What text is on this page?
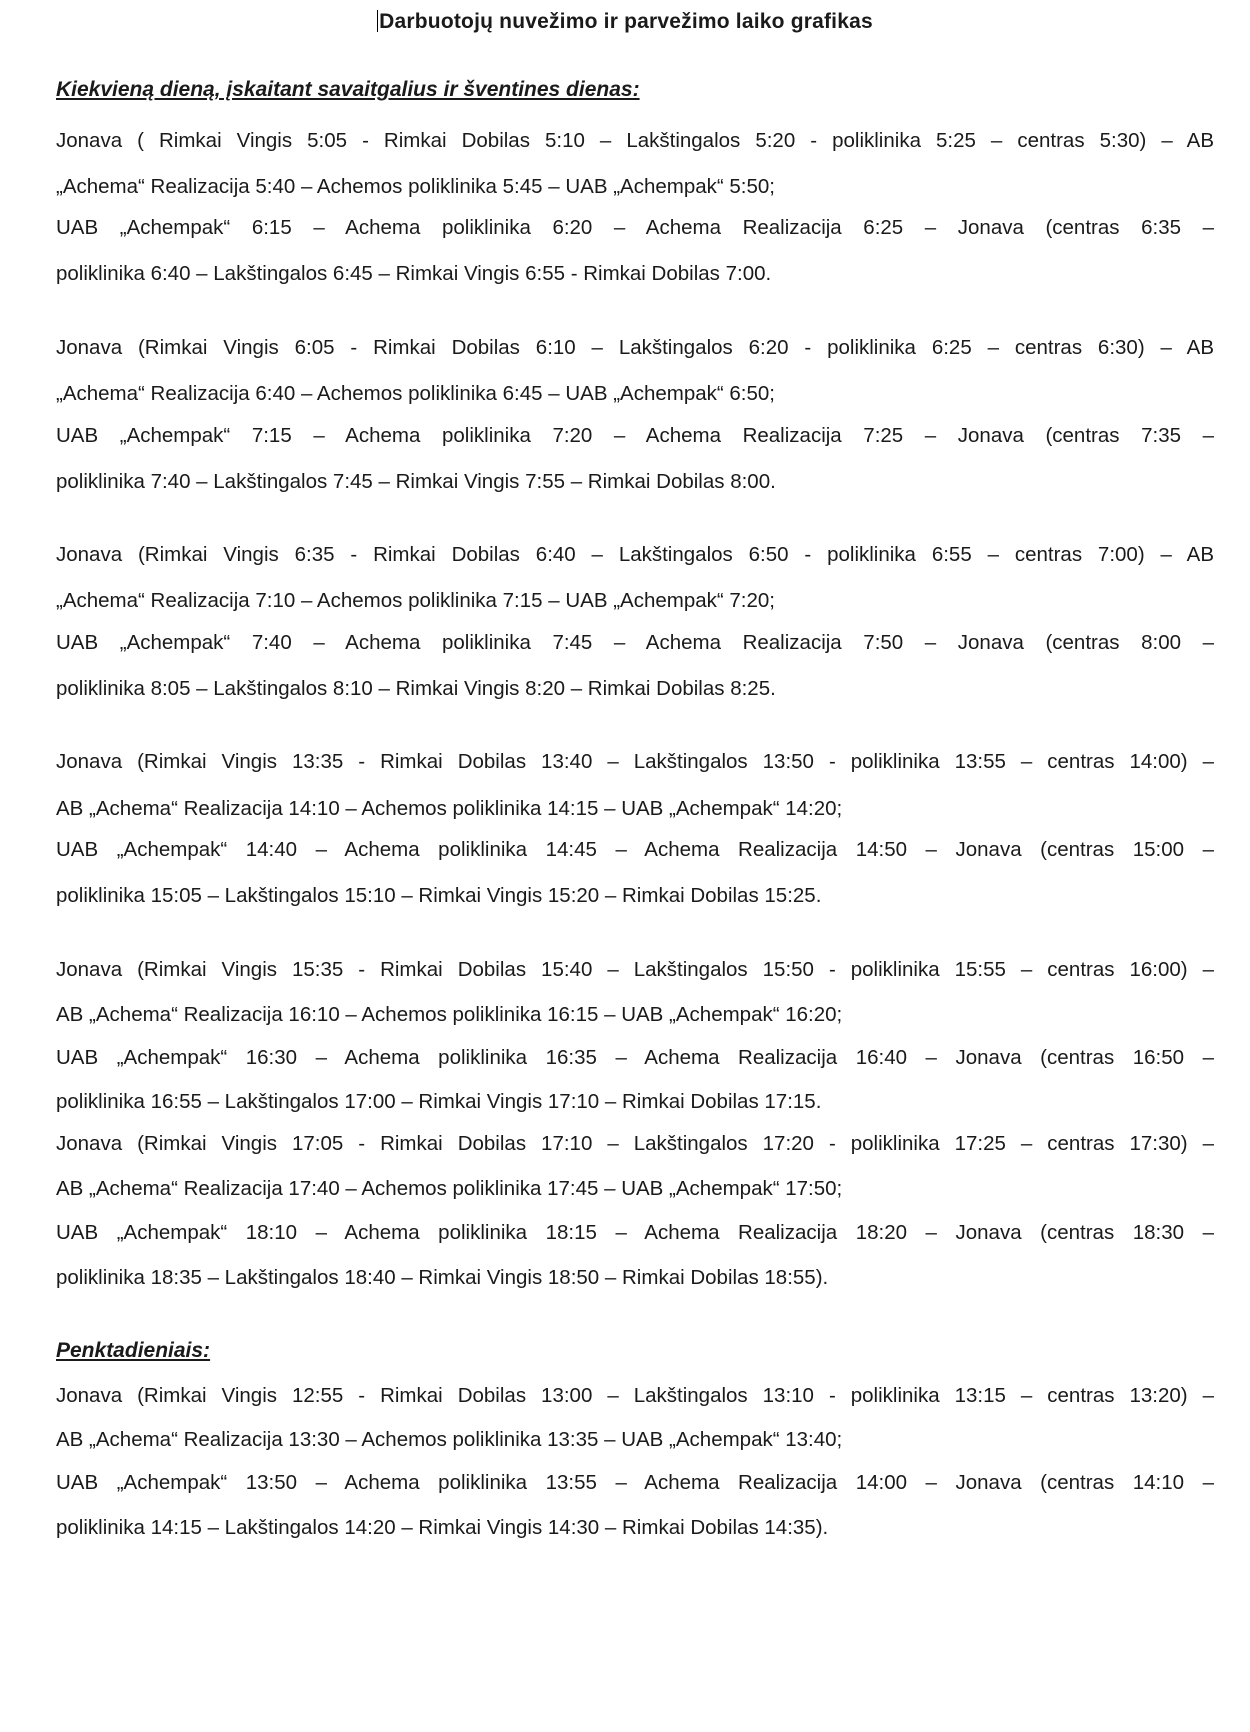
Darbuotojų nuvežimo ir parvežimo laiko grafikas
Kiekvieną dieną, įskaitant savaitgalius ir šventines dienas:
Jonava ( Rimkai Vingis 5:05 - Rimkai Dobilas 5:10 – Lakštingalos 5:20 - poliklinika 5:25 – centras 5:30) – AB
„Achema“ Realizacija 5:40 – Achemos poliklinika 5:45 – UAB „Achempak“ 5:50;
UAB „Achempak“ 6:15 – Achema poliklinika 6:20 – Achema Realizacija 6:25 – Jonava (centras 6:35 –
poliklinika 6:40 – Lakštingalos 6:45 – Rimkai Vingis 6:55 - Rimkai Dobilas 7:00.
Jonava (Rimkai Vingis 6:05 - Rimkai Dobilas 6:10 – Lakštingalos 6:20 - poliklinika 6:25 – centras 6:30) – AB
„Achema“ Realizacija 6:40 – Achemos poliklinika 6:45 – UAB „Achempak“ 6:50;
UAB „Achempak“ 7:15 – Achema poliklinika 7:20 – Achema Realizacija 7:25 – Jonava (centras 7:35 –
poliklinika 7:40 – Lakštingalos 7:45 – Rimkai Vingis 7:55 – Rimkai Dobilas 8:00.
Jonava (Rimkai Vingis 6:35 - Rimkai Dobilas 6:40 – Lakštingalos 6:50 - poliklinika 6:55 – centras 7:00) – AB
„Achema“ Realizacija 7:10 – Achemos poliklinika 7:15 – UAB „Achempak“ 7:20;
UAB „Achempak“ 7:40 – Achema poliklinika 7:45 – Achema Realizacija 7:50 – Jonava (centras 8:00 –
poliklinika 8:05 – Lakštingalos 8:10 – Rimkai Vingis 8:20 – Rimkai Dobilas 8:25.
Jonava (Rimkai Vingis 13:35 - Rimkai Dobilas 13:40 – Lakštingalos 13:50 - poliklinika 13:55 – centras 14:00) –
AB „Achema“ Realizacija 14:10 – Achemos poliklinika 14:15 – UAB „Achempak“ 14:20;
UAB „Achempak“ 14:40 – Achema poliklinika 14:45 – Achema Realizacija 14:50 – Jonava (centras 15:00 –
poliklinika 15:05 – Lakštingalos 15:10 – Rimkai Vingis 15:20 – Rimkai Dobilas 15:25.
Jonava (Rimkai Vingis 15:35 - Rimkai Dobilas 15:40 – Lakštingalos 15:50 - poliklinika 15:55 – centras 16:00) –
AB „Achema“ Realizacija 16:10 – Achemos poliklinika 16:15 – UAB „Achempak“ 16:20;
UAB „Achempak“ 16:30 – Achema poliklinika 16:35 – Achema Realizacija 16:40 – Jonava (centras 16:50 –
poliklinika 16:55 – Lakštingalos 17:00 – Rimkai Vingis 17:10 – Rimkai Dobilas 17:15.
Jonava (Rimkai Vingis 17:05 - Rimkai Dobilas 17:10 – Lakštingalos 17:20 - poliklinika 17:25 – centras 17:30) –
AB „Achema“ Realizacija 17:40 – Achemos poliklinika 17:45 – UAB „Achempak“ 17:50;
UAB „Achempak“ 18:10 – Achema poliklinika 18:15 – Achema Realizacija 18:20 – Jonava (centras 18:30 –
poliklinika 18:35 – Lakštingalos 18:40 – Rimkai Vingis 18:50 – Rimkai Dobilas 18:55).
Penktadieniais:
Jonava (Rimkai Vingis 12:55 - Rimkai Dobilas 13:00 – Lakštingalos 13:10 - poliklinika 13:15 – centras 13:20) –
AB „Achema“ Realizacija 13:30 – Achemos poliklinika 13:35 – UAB „Achempak“ 13:40;
UAB „Achempak“ 13:50 – Achema poliklinika 13:55 – Achema Realizacija 14:00 – Jonava (centras 14:10 –
poliklinika 14:15 – Lakštingalos 14:20 – Rimkai Vingis 14:30 – Rimkai Dobilas 14:35).
